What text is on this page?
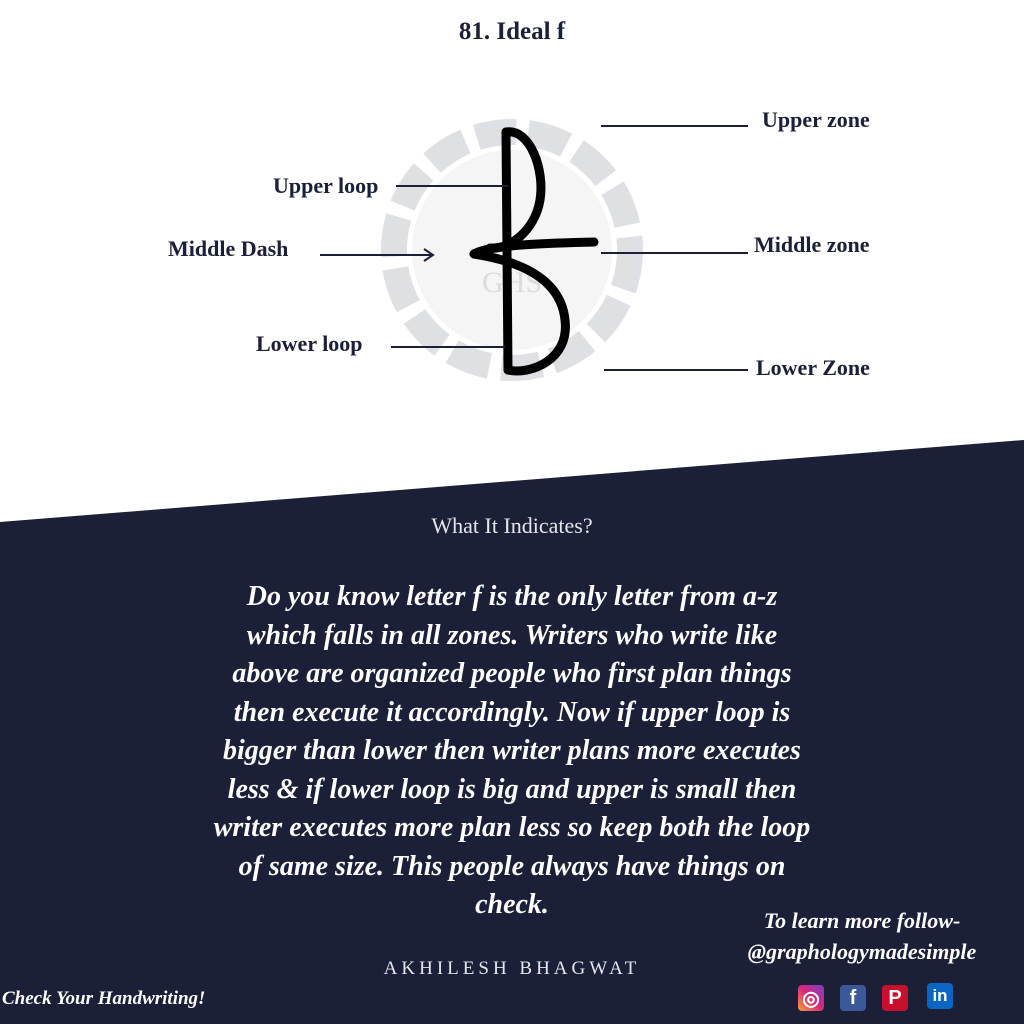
GHS
81. Ideal f
Upper loop
Middle Dash
Lower loop
Upper zone
Middle zone
Lower Zone
What It Indicates?
Do you know letter f is the only letter from a-z
which falls in all zones. Writers who write like
above are organized people who first plan things
then execute it accordingly. Now if upper loop is
bigger than lower then writer plans more executes
less & if lower loop is big and upper is small then
writer executes more plan less so keep both the loop
of same size. This people always have things on
check.
To learn more follow-
@graphologymadesimple
AKHILESH BHAGWAT
Check Your Handwriting!	◎	f	P	in
